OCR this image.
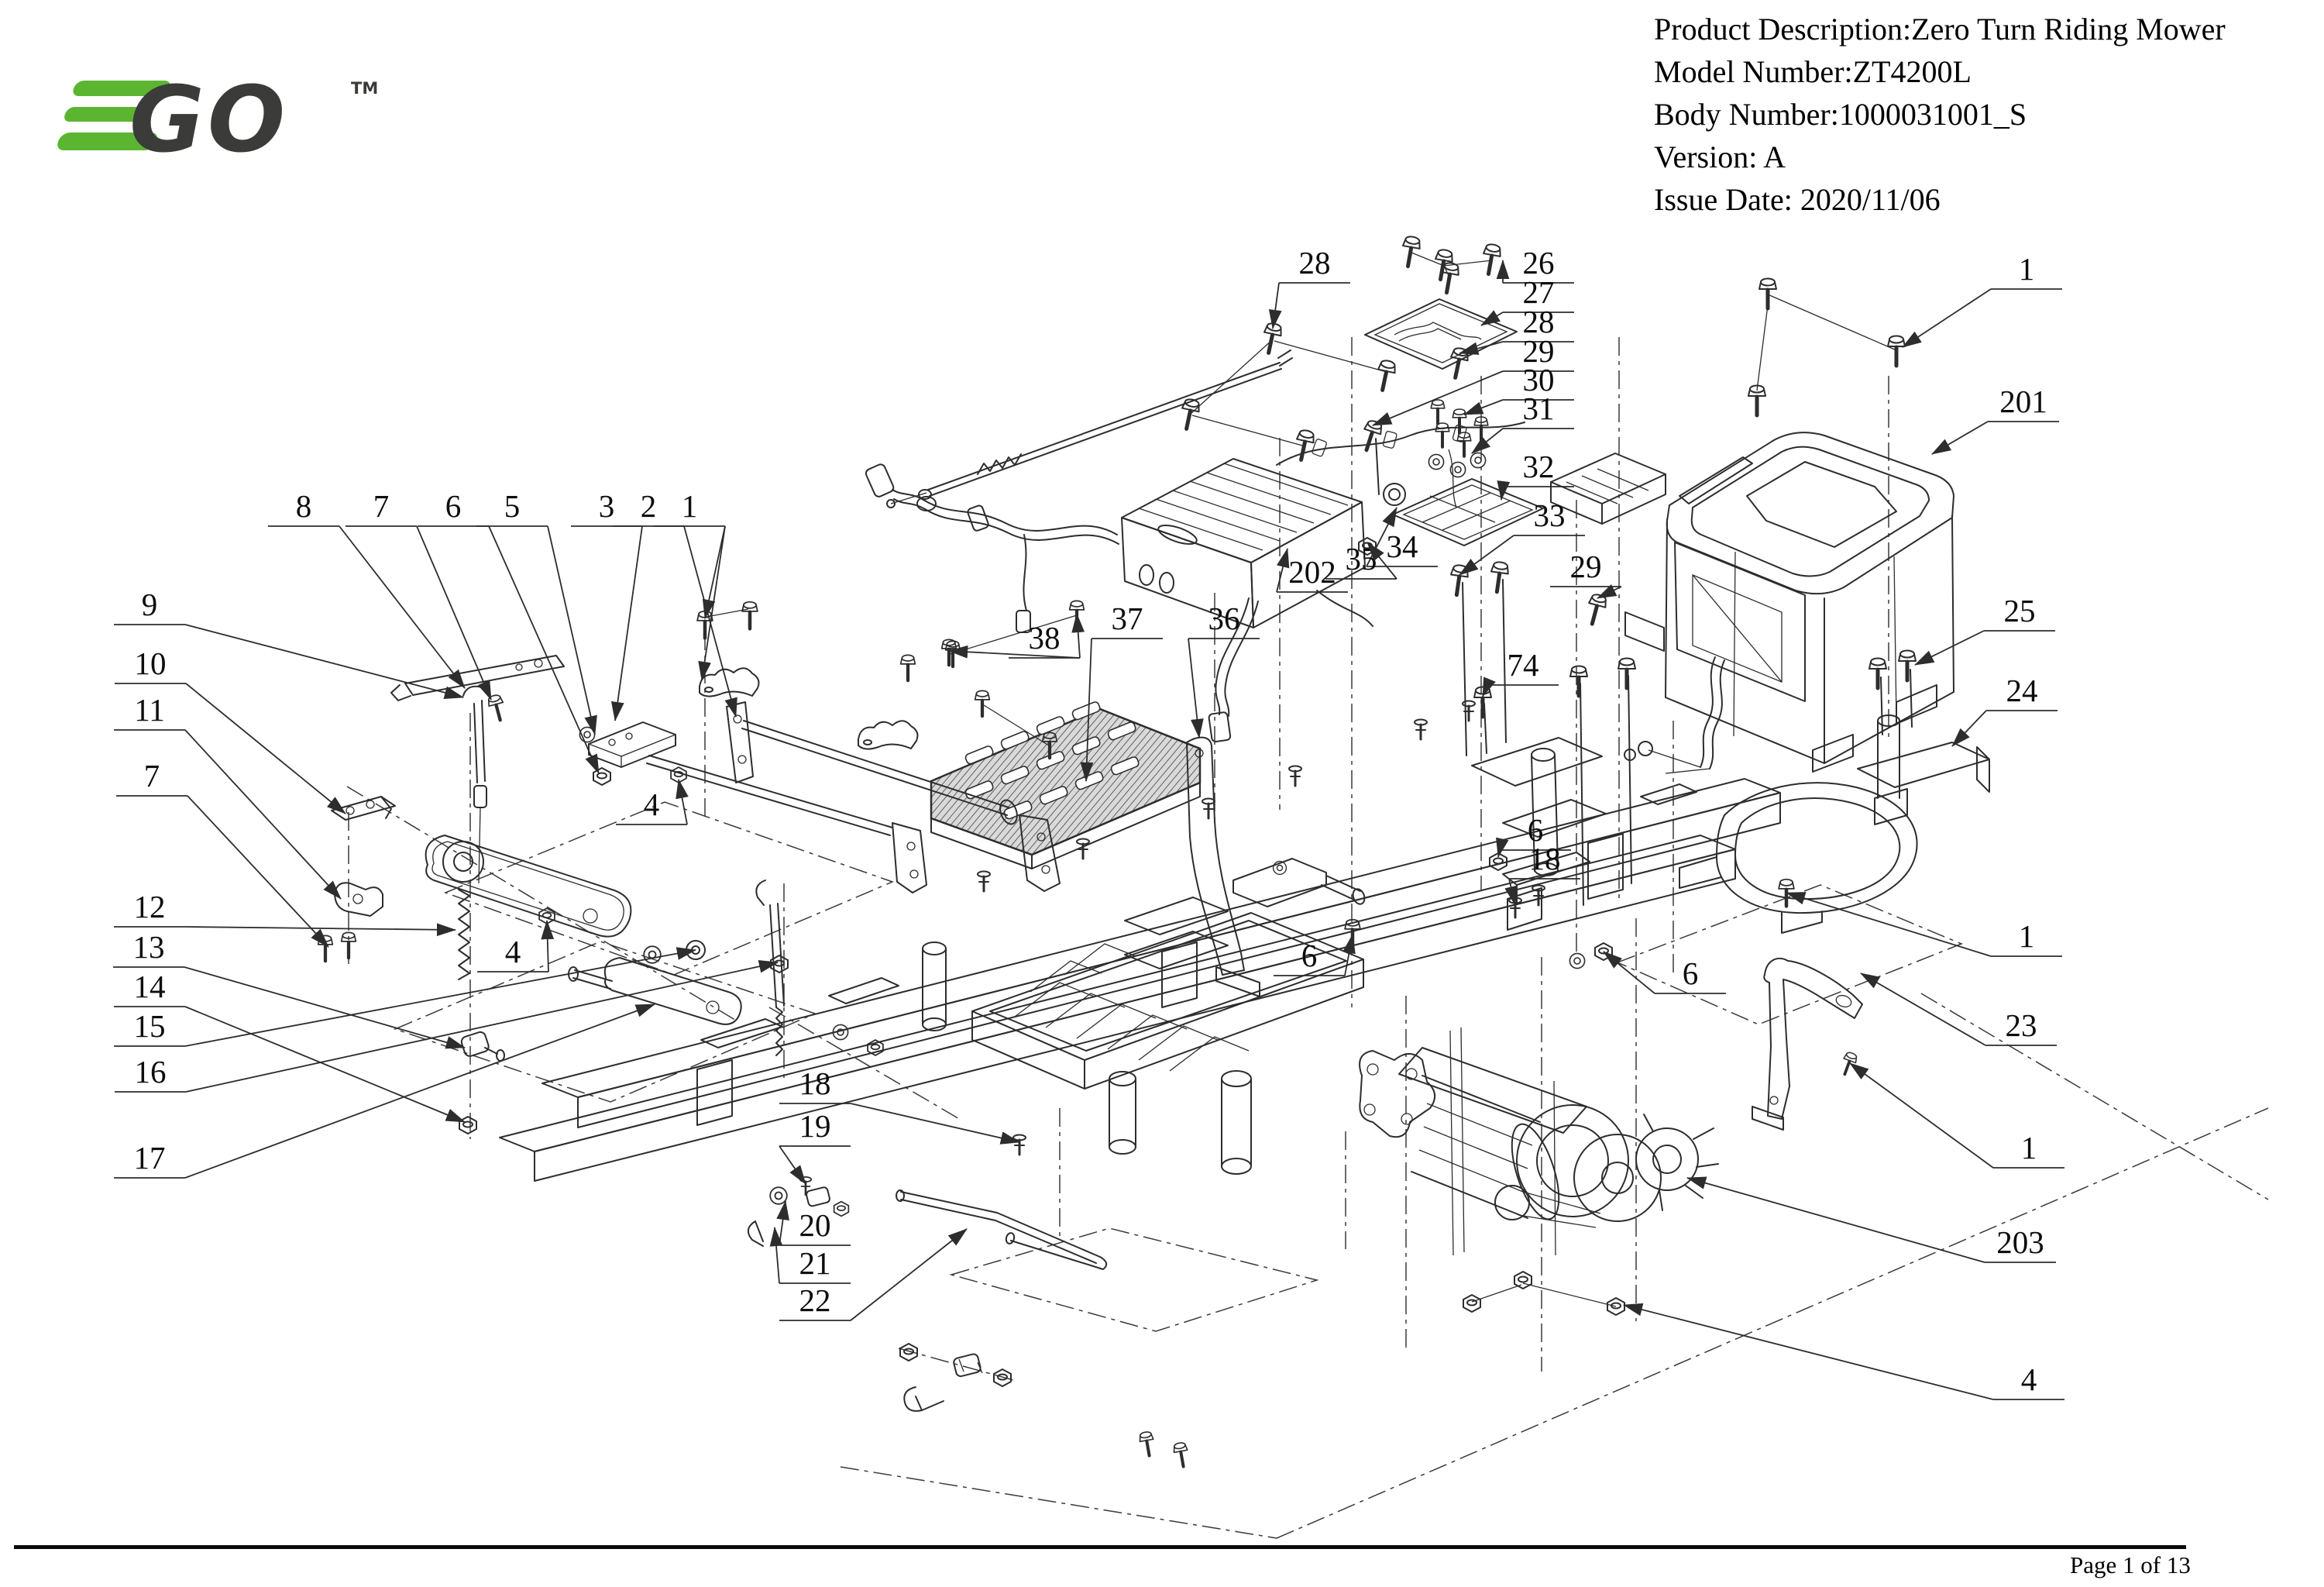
GO	TM
Product Description:Zero Turn Riding Mower
Model Number:ZT4200L
Body Number:1000031001_S
Version: A
Issue Date: 2020/11/06
28	26
27
28
29
30
31
32
33
34
35
202	29
36
37
38
74
1
201
25
24
1
23
1
203
4
8 7 6 5 3 2 1
9
10
11
7
12
13
14
15
16
17
4
4
18
19
20
21
22
6
6
18
6
Page 1 of 13
